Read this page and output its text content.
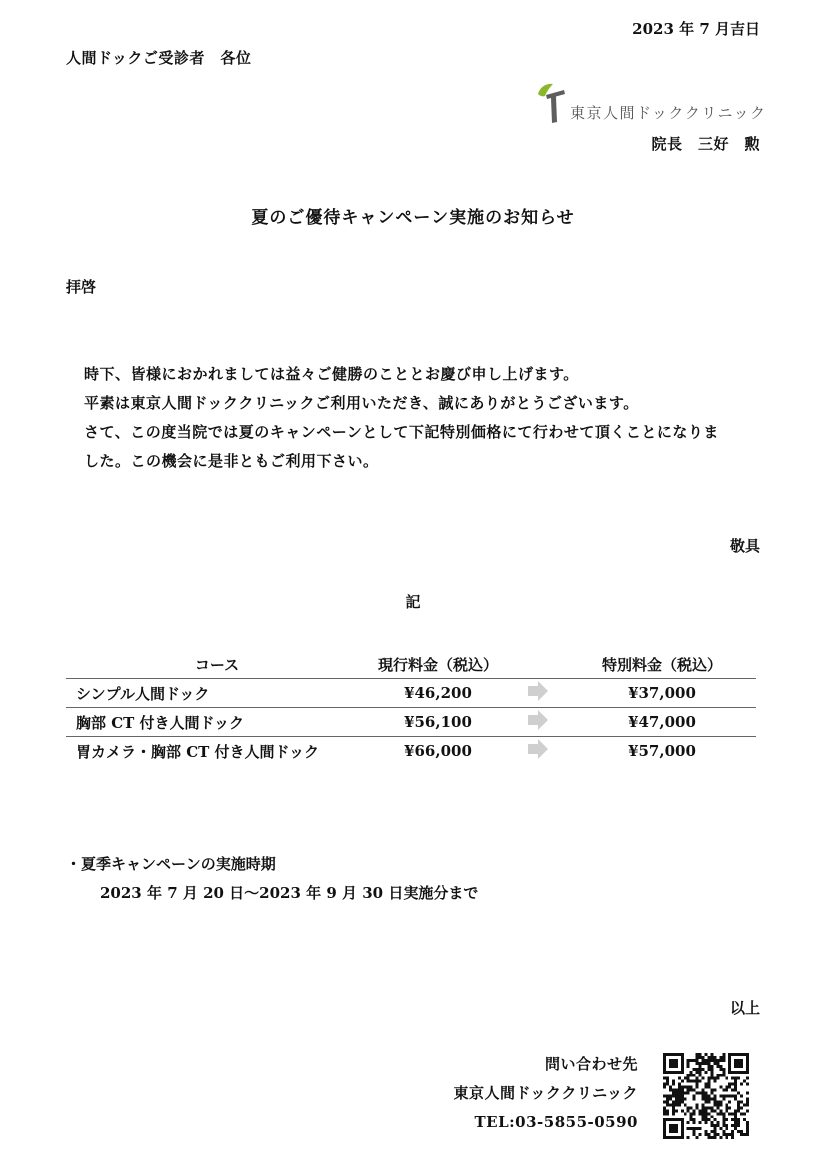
2023 年 7 月吉日
人間ドックご受診者　各位
東京人間ドッククリニック
院長　三好　勲
夏のご優待キャンペーン実施のお知らせ
拝啓

時下、皆様におかれましては益々ご健勝のこととお慶び申し上げます。

平素は東京人間ドッククリニックご利用いただき、誠にありがとうございます。

さて、この度当院では夏のキャンペーンとして下記特別価格にて行わせて頂くことになりま

した。この機会に是非ともご利用下さい。

敬具
記
コース	現行料金（税込）		特別料金（税込）
シンプル人間ドック	¥46,200		¥37,000
胸部 CT 付き人間ドック	¥56,100		¥47,000
胃カメラ・胸部 CT 付き人間ドック	¥66,000		¥57,000
・夏季キャンペーンの実施時期
2023 年 7 月 20 日～2023 年 9 月 30 日実施分まで
以上
問い合わせ先
東京人間ドッククリニック
TEL:03-5855-0590
